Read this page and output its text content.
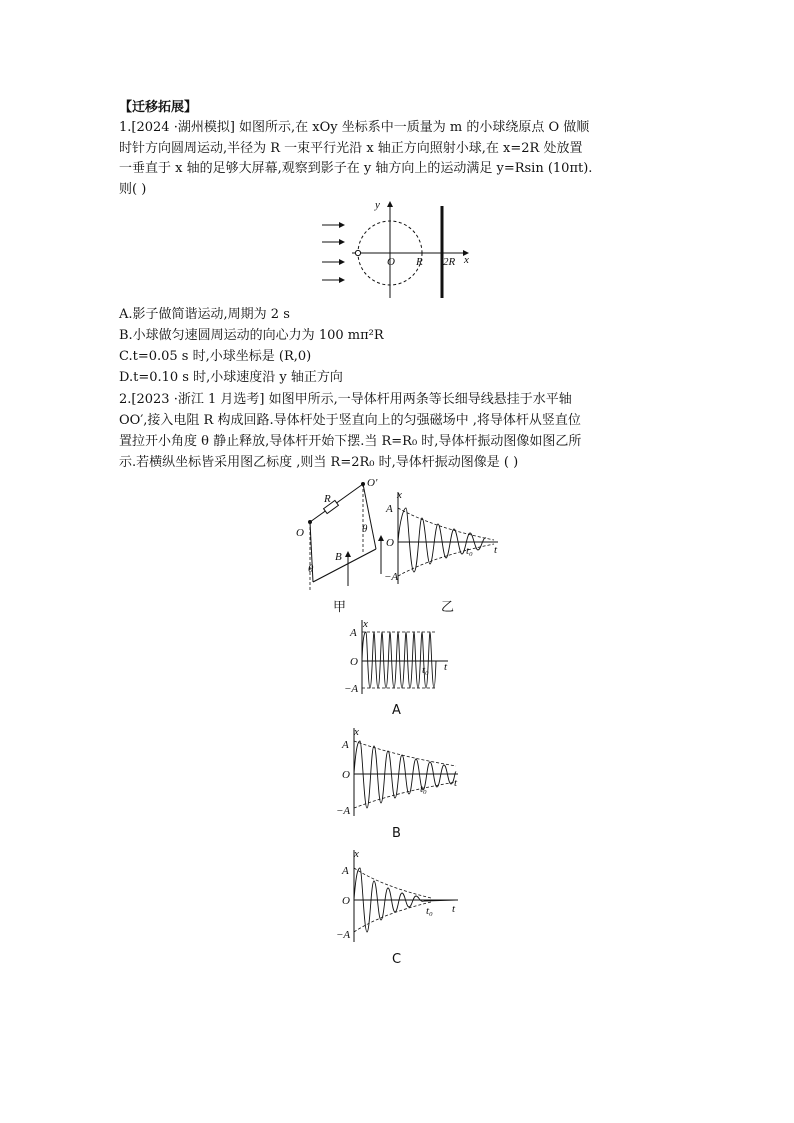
【迁移拓展】
1.[2024 ·湖州模拟] 如图所示,在 xOy 坐标系中一质量为 m 的小球绕原点 O 做顺
时针方向圆周运动,半径为 R 一束平行光沿 x 轴正方向照射小球,在 x=2R 处放置
一垂直于 x 轴的足够大屏幕,观察到影子在 y 轴方向上的运动满足 y=Rsin (10πt).
则( )
y
x
O R 2R
A.影子做简谐运动,周期为 2 s
B.小球做匀速圆周运动的向心力为 100 mπ²R
C.t=0.05 s 时,小球坐标是 (R,0)
D.t=0.10 s 时,小球速度沿 y 轴正方向
2.[2023 ·浙江 1 月选考] 如图甲所示,一导体杆用两条等长细导线悬挂于水平轴
OO′,接入电阻 R 构成回路.导体杆处于竖直向上的匀强磁场中 ,将导体杆从竖直位
置拉开小角度 θ 静止释放,导体杆开始下摆.当 R=R₀ 时,导体杆振动图像如图乙所
示.若横纵坐标皆采用图乙标度 ,则当 R=2R₀ 时,导体杆振动图像是 ( )
R
O
O'
θ
θ
B
甲
x
t
A
O
−A
t₀
乙
x
t
A
O
−A
t₀
A
x
t
A
O
−A
t₀
B
x
t
A
O
−A
t₀
C
